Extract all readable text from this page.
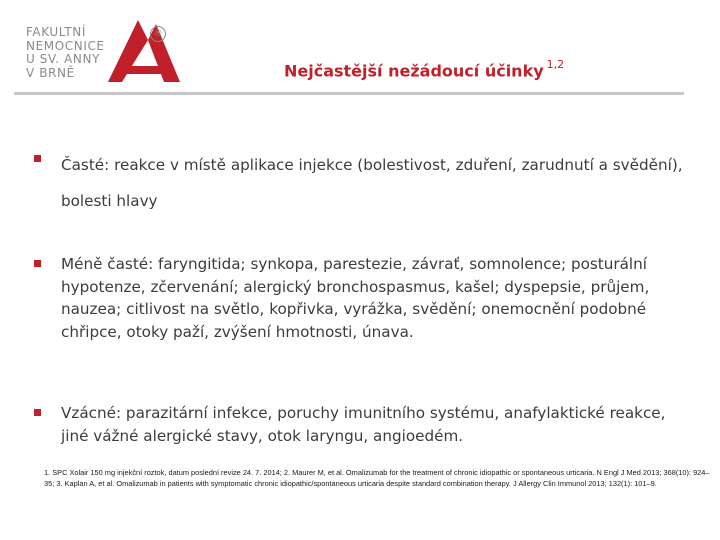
FAKULTNÍ
NEMOCNICE
U SV. ANNY
V BRNĚ
®
Nejčastější nežádoucí účinky $^{1,2}$
Časté: reakce v místě aplikace injekce (bolestivost, zduření, zarudnutí a svědění), bolesti hlavy
Méně časté: faryngitida; synkopa, parestezie, závrať, somnolence; posturální hypotenze, zčervenání; alergický bronchospasmus, kašel; dyspepsie, průjem, nauzea; citlivost na světlo, kopřivka, vyrážka, svědění; onemocnění podobné chřipce, otoky paží, zvýšení hmotnosti, únava.
Vzácné: parazitární infekce, poruchy imunitního systému, anafylaktické reakce, jiné vážné alergické stavy, otok laryngu, angioedém.
1. SPC Xolair 150 mg injekční roztok, datum poslední revize 24. 7. 2014; 2. Maurer M, et al. Omalizumab for the treatment of chronic idiopathic or spontaneous urticaria. N Engl J Med 2013; 368(10): 924–35; 3. Kaplan A, et al. Omalizumab in patients with symptomatic chronic idiopathic/spontaneous urticaria despite standard combination therapy. J Allergy Clin Immunol 2013; 132(1): 101–9.
